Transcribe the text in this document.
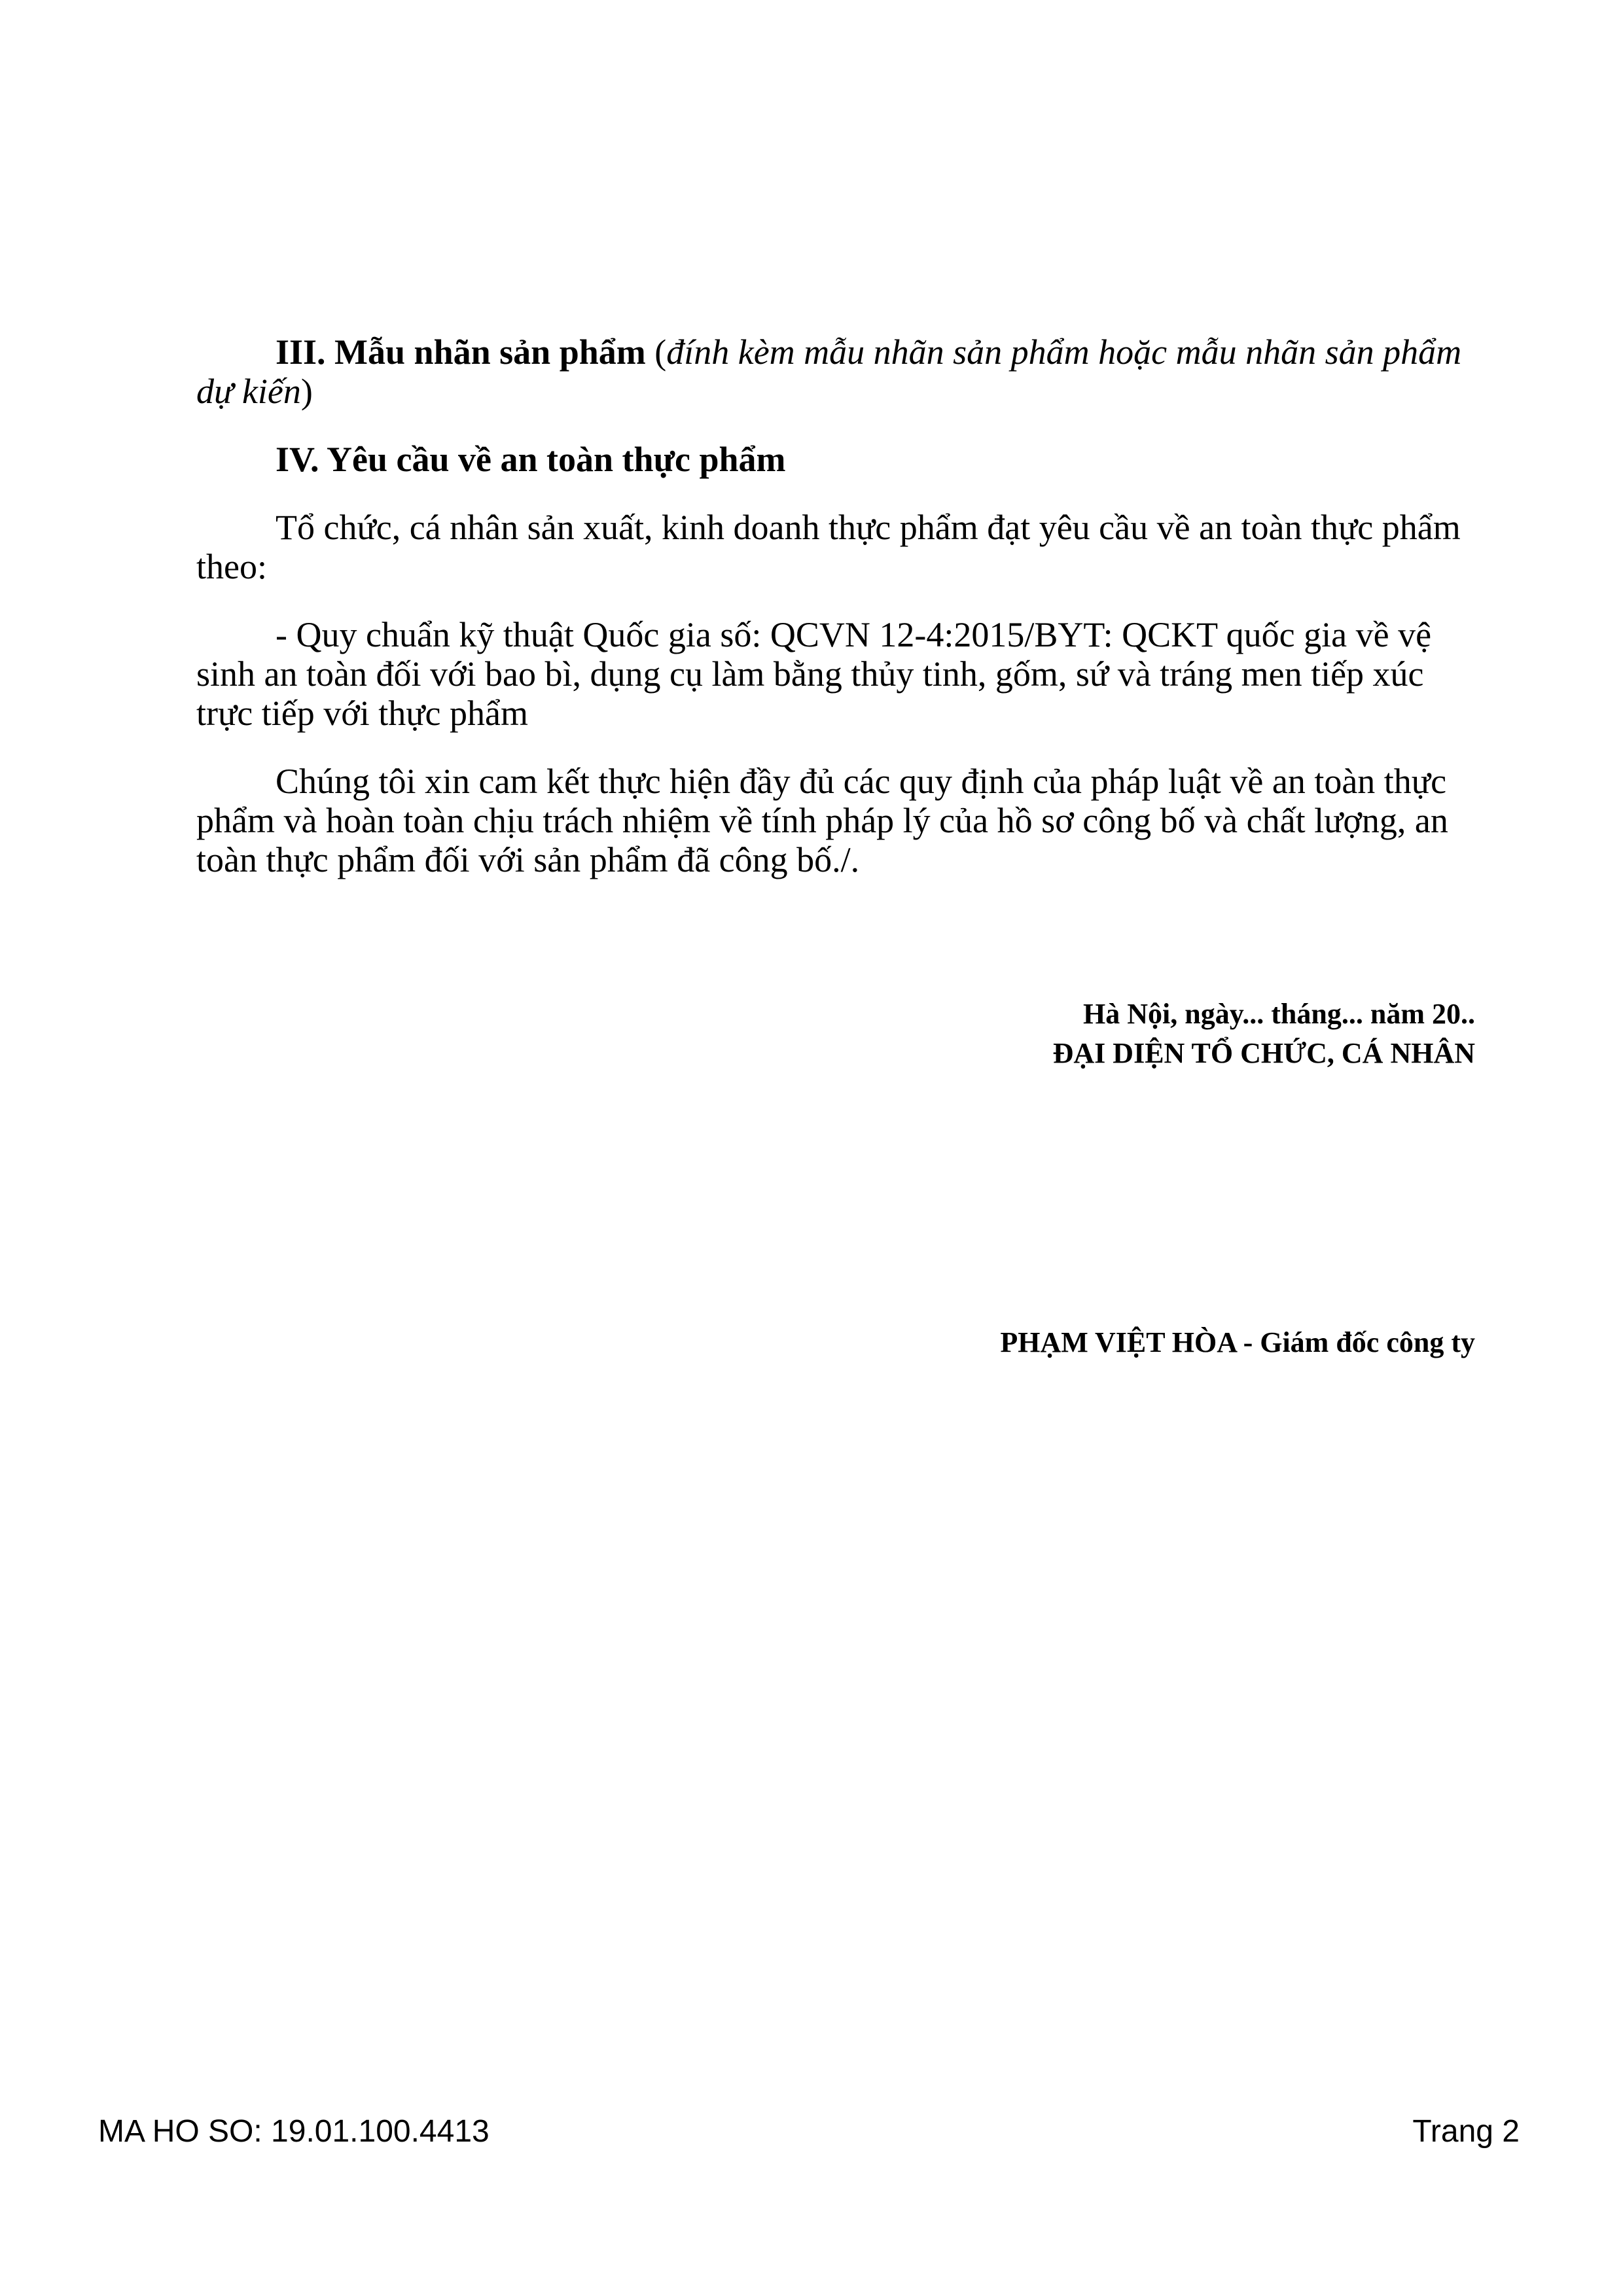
III. Mẫu nhãn sản phẩm (đính kèm mẫu nhãn sản phẩm hoặc mẫu nhãn sản phẩm dự kiến)

IV. Yêu cầu về an toàn thực phẩm

Tổ chức, cá nhân sản xuất, kinh doanh thực phẩm đạt yêu cầu về an toàn thực phẩm theo:

- Quy chuẩn kỹ thuật Quốc gia số: QCVN 12-4:2015/BYT: QCKT quốc gia về vệ sinh an toàn đối với bao bì, dụng cụ làm bằng thủy tinh, gốm, sứ và tráng men tiếp xúc trực tiếp với thực phẩm

Chúng tôi xin cam kết thực hiện đầy đủ các quy định của pháp luật về an toàn thực phẩm và hoàn toàn chịu trách nhiệm về tính pháp lý của hồ sơ công bố và chất lượng, an toàn thực phẩm đối với sản phẩm đã công bố./.

Hà Nội, ngày... tháng... năm 20..
ĐẠI DIỆN TỔ CHỨC, CÁ NHÂN
PHẠM VIỆT HÒA - Giám đốc công ty
MA HO SO: 19.01.100.4413	Trang 2
